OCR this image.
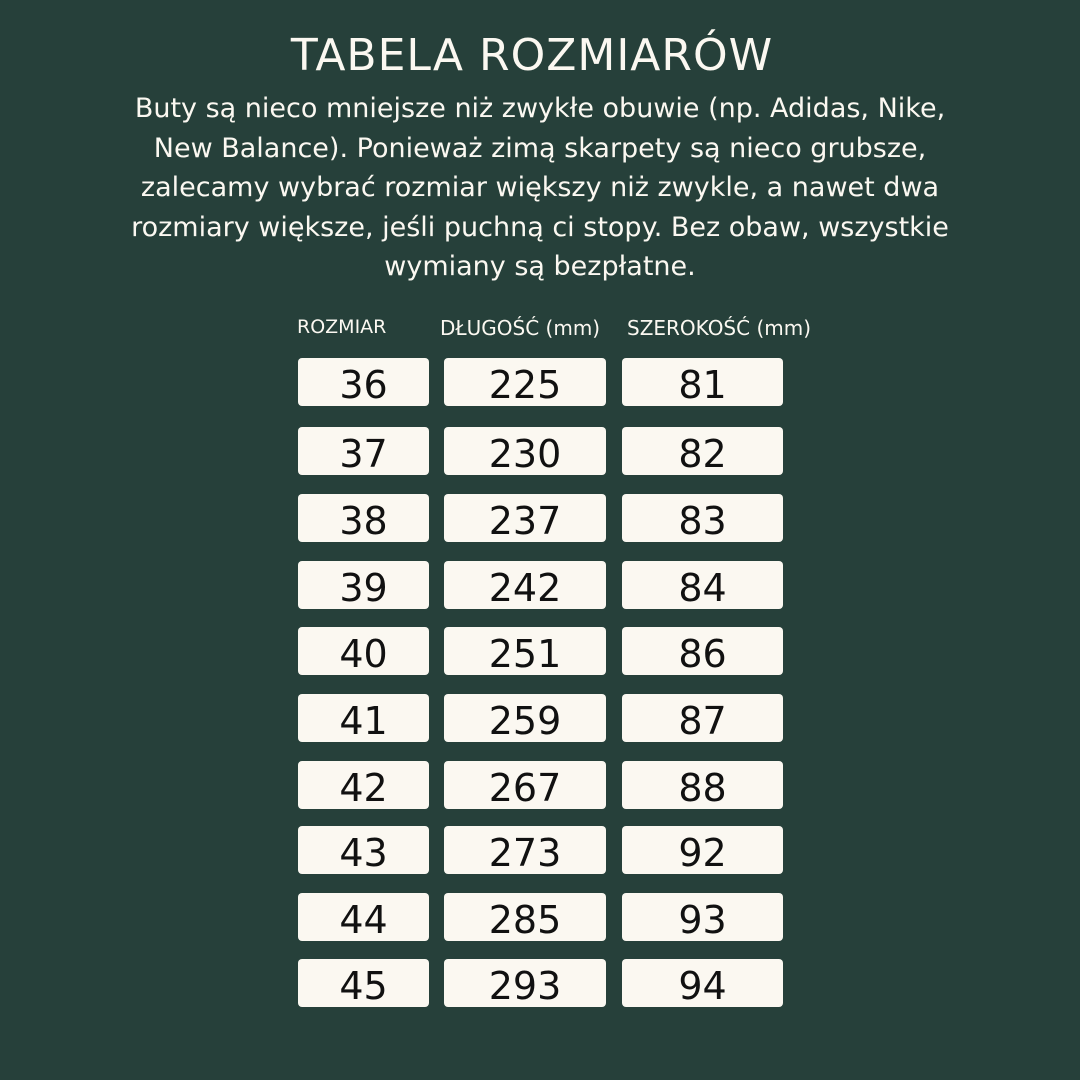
TABELA ROZMIARÓW

Buty są nieco mniejsze niż zwykłe obuwie (np. Adidas, Nike, New Balance). Ponieważ zimą skarpety są nieco grubsze, zalecamy wybrać rozmiar większy niż zwykle, a nawet dwa rozmiary większe, jeśli puchną ci stopy. Bez obaw, wszystkie wymiany są bezpłatne.

ROZMIAR	DŁUGOŚĆ (mm) SZEROKOŚĆ (mm)
36	225	81
37	230	82
38	237	83
39	242	84
40	251	86
41	259	87
42	267	88
43	273	92
44	285	93
45	293	94
